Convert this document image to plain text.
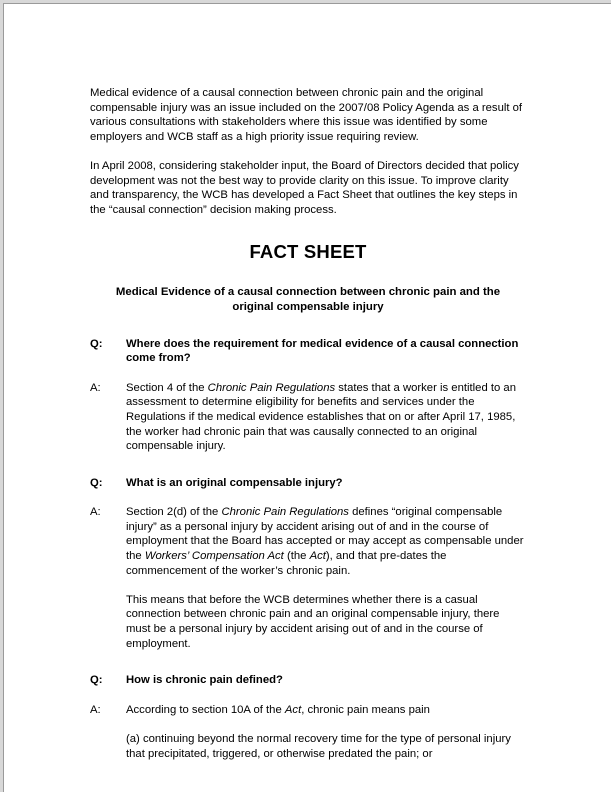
Medical evidence of a causal connection between chronic pain and the original compensable injury was an issue included on the 2007/08 Policy Agenda as a result of various consultations with stakeholders where this issue was identified by some employers and WCB staff as a high priority issue requiring review.

In April 2008, considering stakeholder input, the Board of Directors decided that policy development was not the best way to provide clarity on this issue. To improve clarity and transparency, the WCB has developed a Fact Sheet that outlines the key steps in the “causal connection” decision making process.

FACT SHEET

Medical Evidence of a causal connection between chronic pain and the original compensable injury

Q: Where does the requirement for medical evidence of a causal connection come from?

A: Section 4 of the Chronic Pain Regulations states that a worker is entitled to an assessment to determine eligibility for benefits and services under the Regulations if the medical evidence establishes that on or after April 17, 1985, the worker had chronic pain that was causally connected to an original compensable injury.

Q: What is an original compensable injury?

A: Section 2(d) of the Chronic Pain Regulations defines “original compensable injury” as a personal injury by accident arising out of and in the course of employment that the Board has accepted or may accept as compensable under the Workers’ Compensation Act (the Act), and that pre-dates the commencement of the worker’s chronic pain.

This means that before the WCB determines whether there is a casual connection between chronic pain and an original compensable injury, there must be a personal injury by accident arising out of and in the course of employment.

Q: How is chronic pain defined?

A: According to section 10A of the Act, chronic pain means pain

(a) continuing beyond the normal recovery time for the type of personal injury that precipitated, triggered, or otherwise predated the pain; or
